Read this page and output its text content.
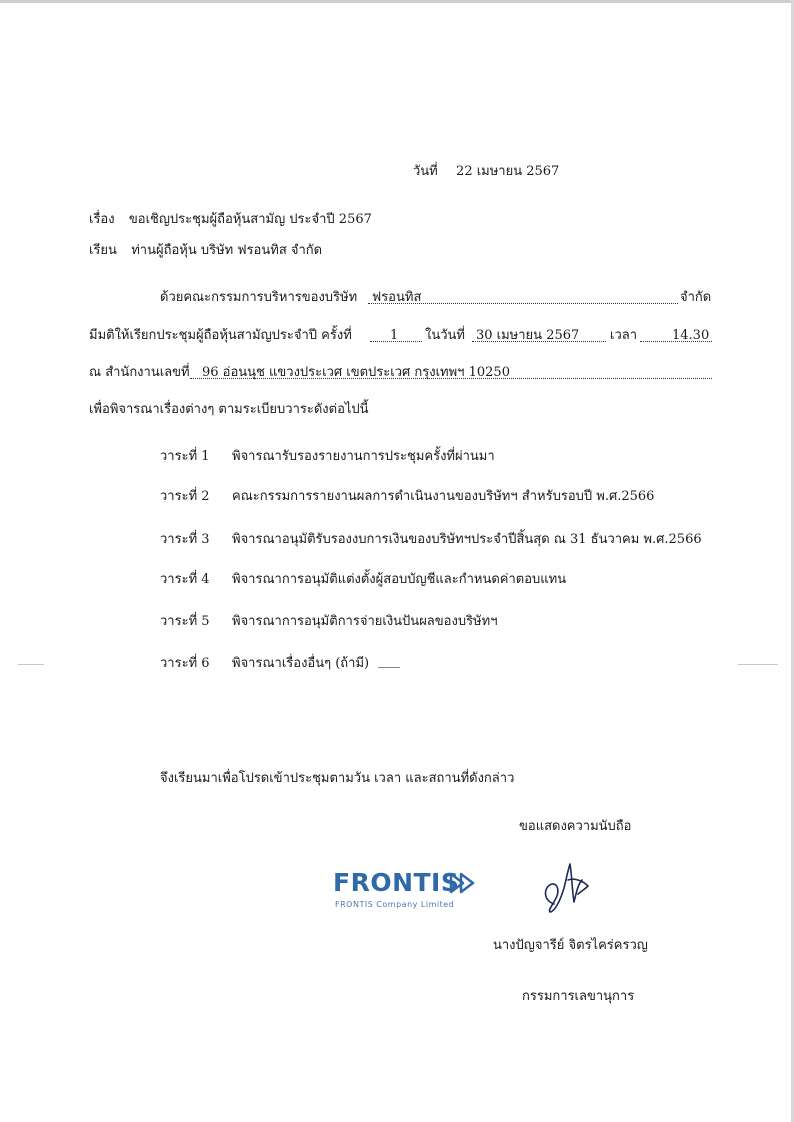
วันที่ 22 เมษายน 2567
เรื่อง ขอเชิญประชุมผู้ถือหุ้นสามัญ ประจำปี 2567
เรียน ท่านผู้ถือหุ้น บริษัท ฟรอนทิส จำกัด
ด้วยคณะกรรมการบริหารของบริษัท ฟรอนทิส	จำกัด
มีมติให้เรียกประชุมผู้ถือหุ้นสามัญประจำปี ครั้งที่	1 ในวันที่ 30 เมษายน 2567 เวลา	14.30
ณ สำนักงานเลขที่ 96 อ่อนนุช แขวงประเวศ เขตประเวศ กรุงเทพฯ 10250
เพื่อพิจารณาเรื่องต่างๆ ตามระเบียบวาระดังต่อไปนี้
วาระที่ 1 พิจารณารับรองรายงานการประชุมครั้งที่ผ่านมา
วาระที่ 2 คณะกรรมการรายงานผลการดำเนินงานของบริษัทฯ สำหรับรอบปี พ.ศ.2566
วาระที่ 3 พิจารณาอนุมัติรับรองงบการเงินของบริษัทฯประจำปีสิ้นสุด ณ 31 ธันวาคม พ.ศ.2566
วาระที่ 4 พิจารณาการอนุมัติแต่งตั้งผู้สอบบัญชีและกำหนดค่าตอบแทน
วาระที่ 5 พิจารณาการอนุมัติการจ่ายเงินปันผลของบริษัทฯ
วาระที่ 6 พิจารณาเรื่องอื่นๆ (ถ้ามี)
จึงเรียนมาเพื่อโปรดเข้าประชุมตามวัน เวลา และสถานที่ดังกล่าว
ขอแสดงความนับถือ
FRONTIS
FRONTIS Company Limited
นางปัญจารีย์ จิตรไคร่ครวญ
กรรมการเลขานุการ
